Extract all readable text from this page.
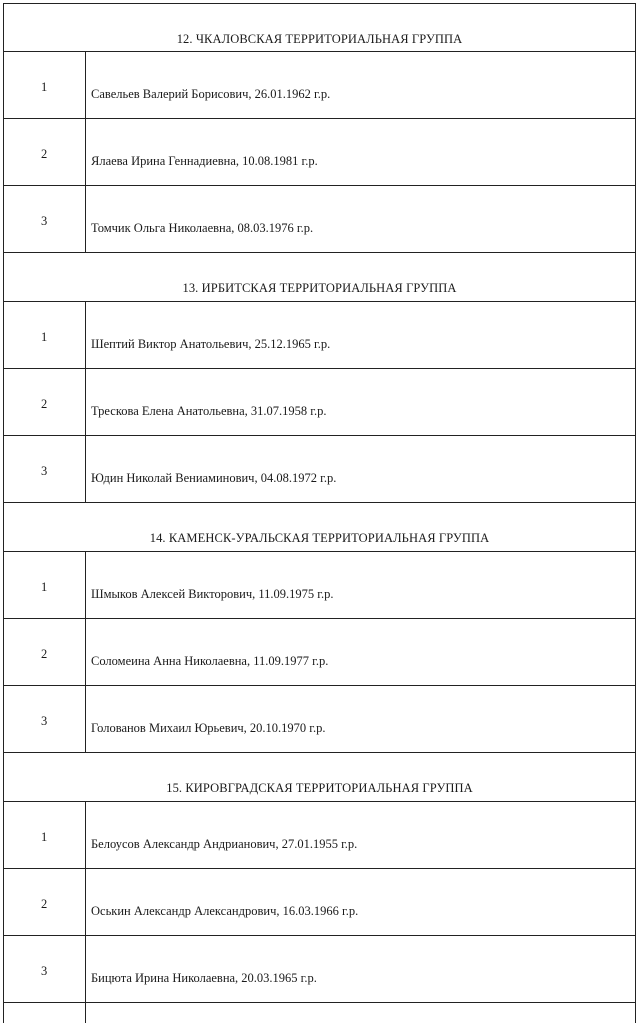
12. ЧКАЛОВСКАЯ ТЕРРИТОРИАЛЬНАЯ ГРУППА
1	Савельев Валерий Борисович, 26.01.1962 г.р.
2	Ялаева Ирина Геннадиевна, 10.08.1981 г.р.
3	Томчик Ольга Николаевна, 08.03.1976 г.р.
13. ИРБИТСКАЯ ТЕРРИТОРИАЛЬНАЯ ГРУППА
1	Шептий Виктор Анатольевич, 25.12.1965 г.р.
2	Трескова Елена Анатольевна, 31.07.1958 г.р.
3	Юдин Николай Вениаминович, 04.08.1972 г.р.
14. КАМЕНСК-УРАЛЬСКАЯ ТЕРРИТОРИАЛЬНАЯ ГРУППА
1	Шмыков Алексей Викторович, 11.09.1975 г.р.
2	Соломеина Анна Николаевна, 11.09.1977 г.р.
3	Голованов Михаил Юрьевич, 20.10.1970 г.р.
15. КИРОВГРАДСКАЯ ТЕРРИТОРИАЛЬНАЯ ГРУППА
1	Белоусов Александр Андрианович, 27.01.1955 г.р.
2	Оськин Александр Александрович, 16.03.1966 г.р.
3	Бицюта Ирина Николаевна, 20.03.1965 г.р.
